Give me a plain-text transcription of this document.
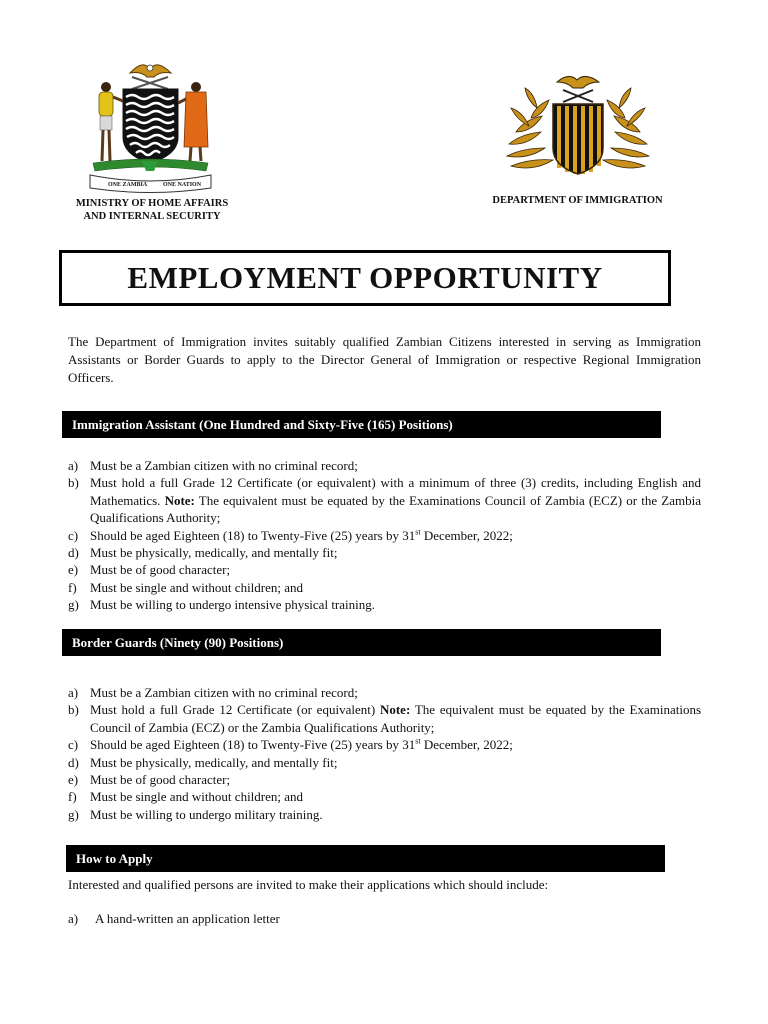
ONE ZAMBIA	ONE NATION
MINISTRY OF HOME AFFAIRS
AND INTERNAL SECURITY
DEPARTMENT OF IMMIGRATION
EMPLOYMENT OPPORTUNITY
The Department of Immigration invites suitably qualified Zambian Citizens interested in serving as Immigration Assistants or Border Guards to apply to the Director General of Immigration or respective Regional Immigration Officers.
Immigration Assistant (One Hundred and Sixty-Five (165) Positions)
a) Must be a Zambian citizen with no criminal record;
b) Must hold a full Grade 12 Certificate (or equivalent) with a minimum of three (3) credits, including English and Mathematics. Note: The equivalent must be equated by the Examinations Council of Zambia (ECZ) or the Zambia Qualifications Authority;
c) Should be aged Eighteen (18) to Twenty-Five (25) years by 31st December, 2022;
d) Must be physically, medically, and mentally fit;
e) Must be of good character;
f)	Must be single and without children; and
g) Must be willing to undergo intensive physical training.
Border Guards (Ninety (90) Positions)
a) Must be a Zambian citizen with no criminal record;
b) Must hold a full Grade 12 Certificate (or equivalent) Note: The equivalent must be equated by the Examinations Council of Zambia (ECZ) or the Zambia Qualifications Authority;
c) Should be aged Eighteen (18) to Twenty-Five (25) years by 31st December, 2022;
d) Must be physically, medically, and mentally fit;
e) Must be of good character;
f)	Must be single and without children; and
g) Must be willing to undergo military training.
How to Apply
Interested and qualified persons are invited to make their applications which should include:
a)	A hand-written an application letter
